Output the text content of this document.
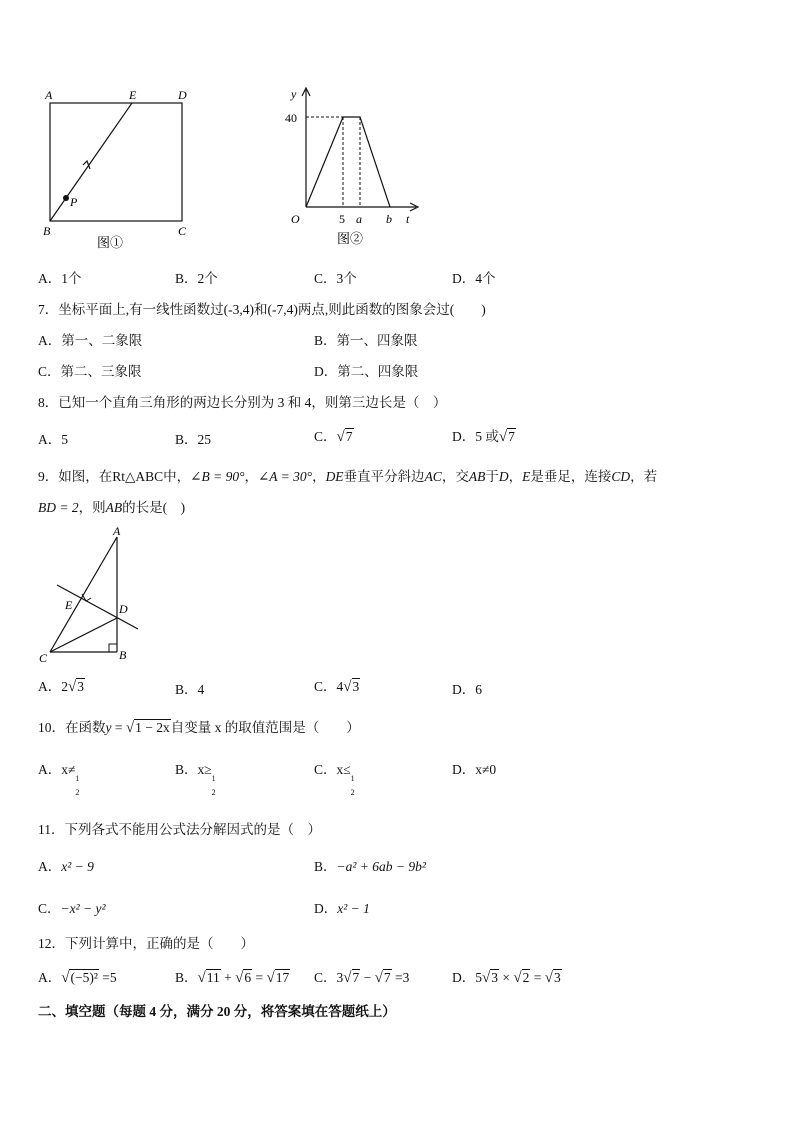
A	E	D
P
B	C
图①
y
40
O	5 a b t
图②
A．1个	B．2个	C．3个	D．4个
7．坐标平面上,有一线性函数过(-3,4)和(-7,4)两点,则此函数的图象会过(　　)
A．第一、二象限	B．第一、四象限
C．第二、三象限	D．第二、四象限
8．已知一个直角三角形的两边长分别为 3 和 4，则第三边长是（　）
A．5	B．25	C．√7	D．5 或√7
9．如图，在Rt△ABC中，∠B = 90°，∠A = 30°，DE垂直平分斜边AC，交AB于D，E是垂足，连接CD，若
BD = 2，则AB的长是(　)
A
E	D
C	B
A．2√3	B．4	C．4√3	D．6
10．在函数y = √1 − 2x自变量 x 的取值范围是（　　）
A．x≠
1
2
B．x≥
1
2
C．x≤
1
2
D．x≠0
11．下列各式不能用公式法分解因式的是（　）
A．x² − 9	B．−a² + 6ab − 9b²
C．−x² − y²	D．x² − 1
12．下列计算中，正确的是（　　）
A．√(−5)² =5	B．√11 + √6 = √17 C．3√7 − √7 =3	D．5√3 × √2 = √3
二、填空题（每题 4 分，满分 20 分，将答案填在答题纸上）
